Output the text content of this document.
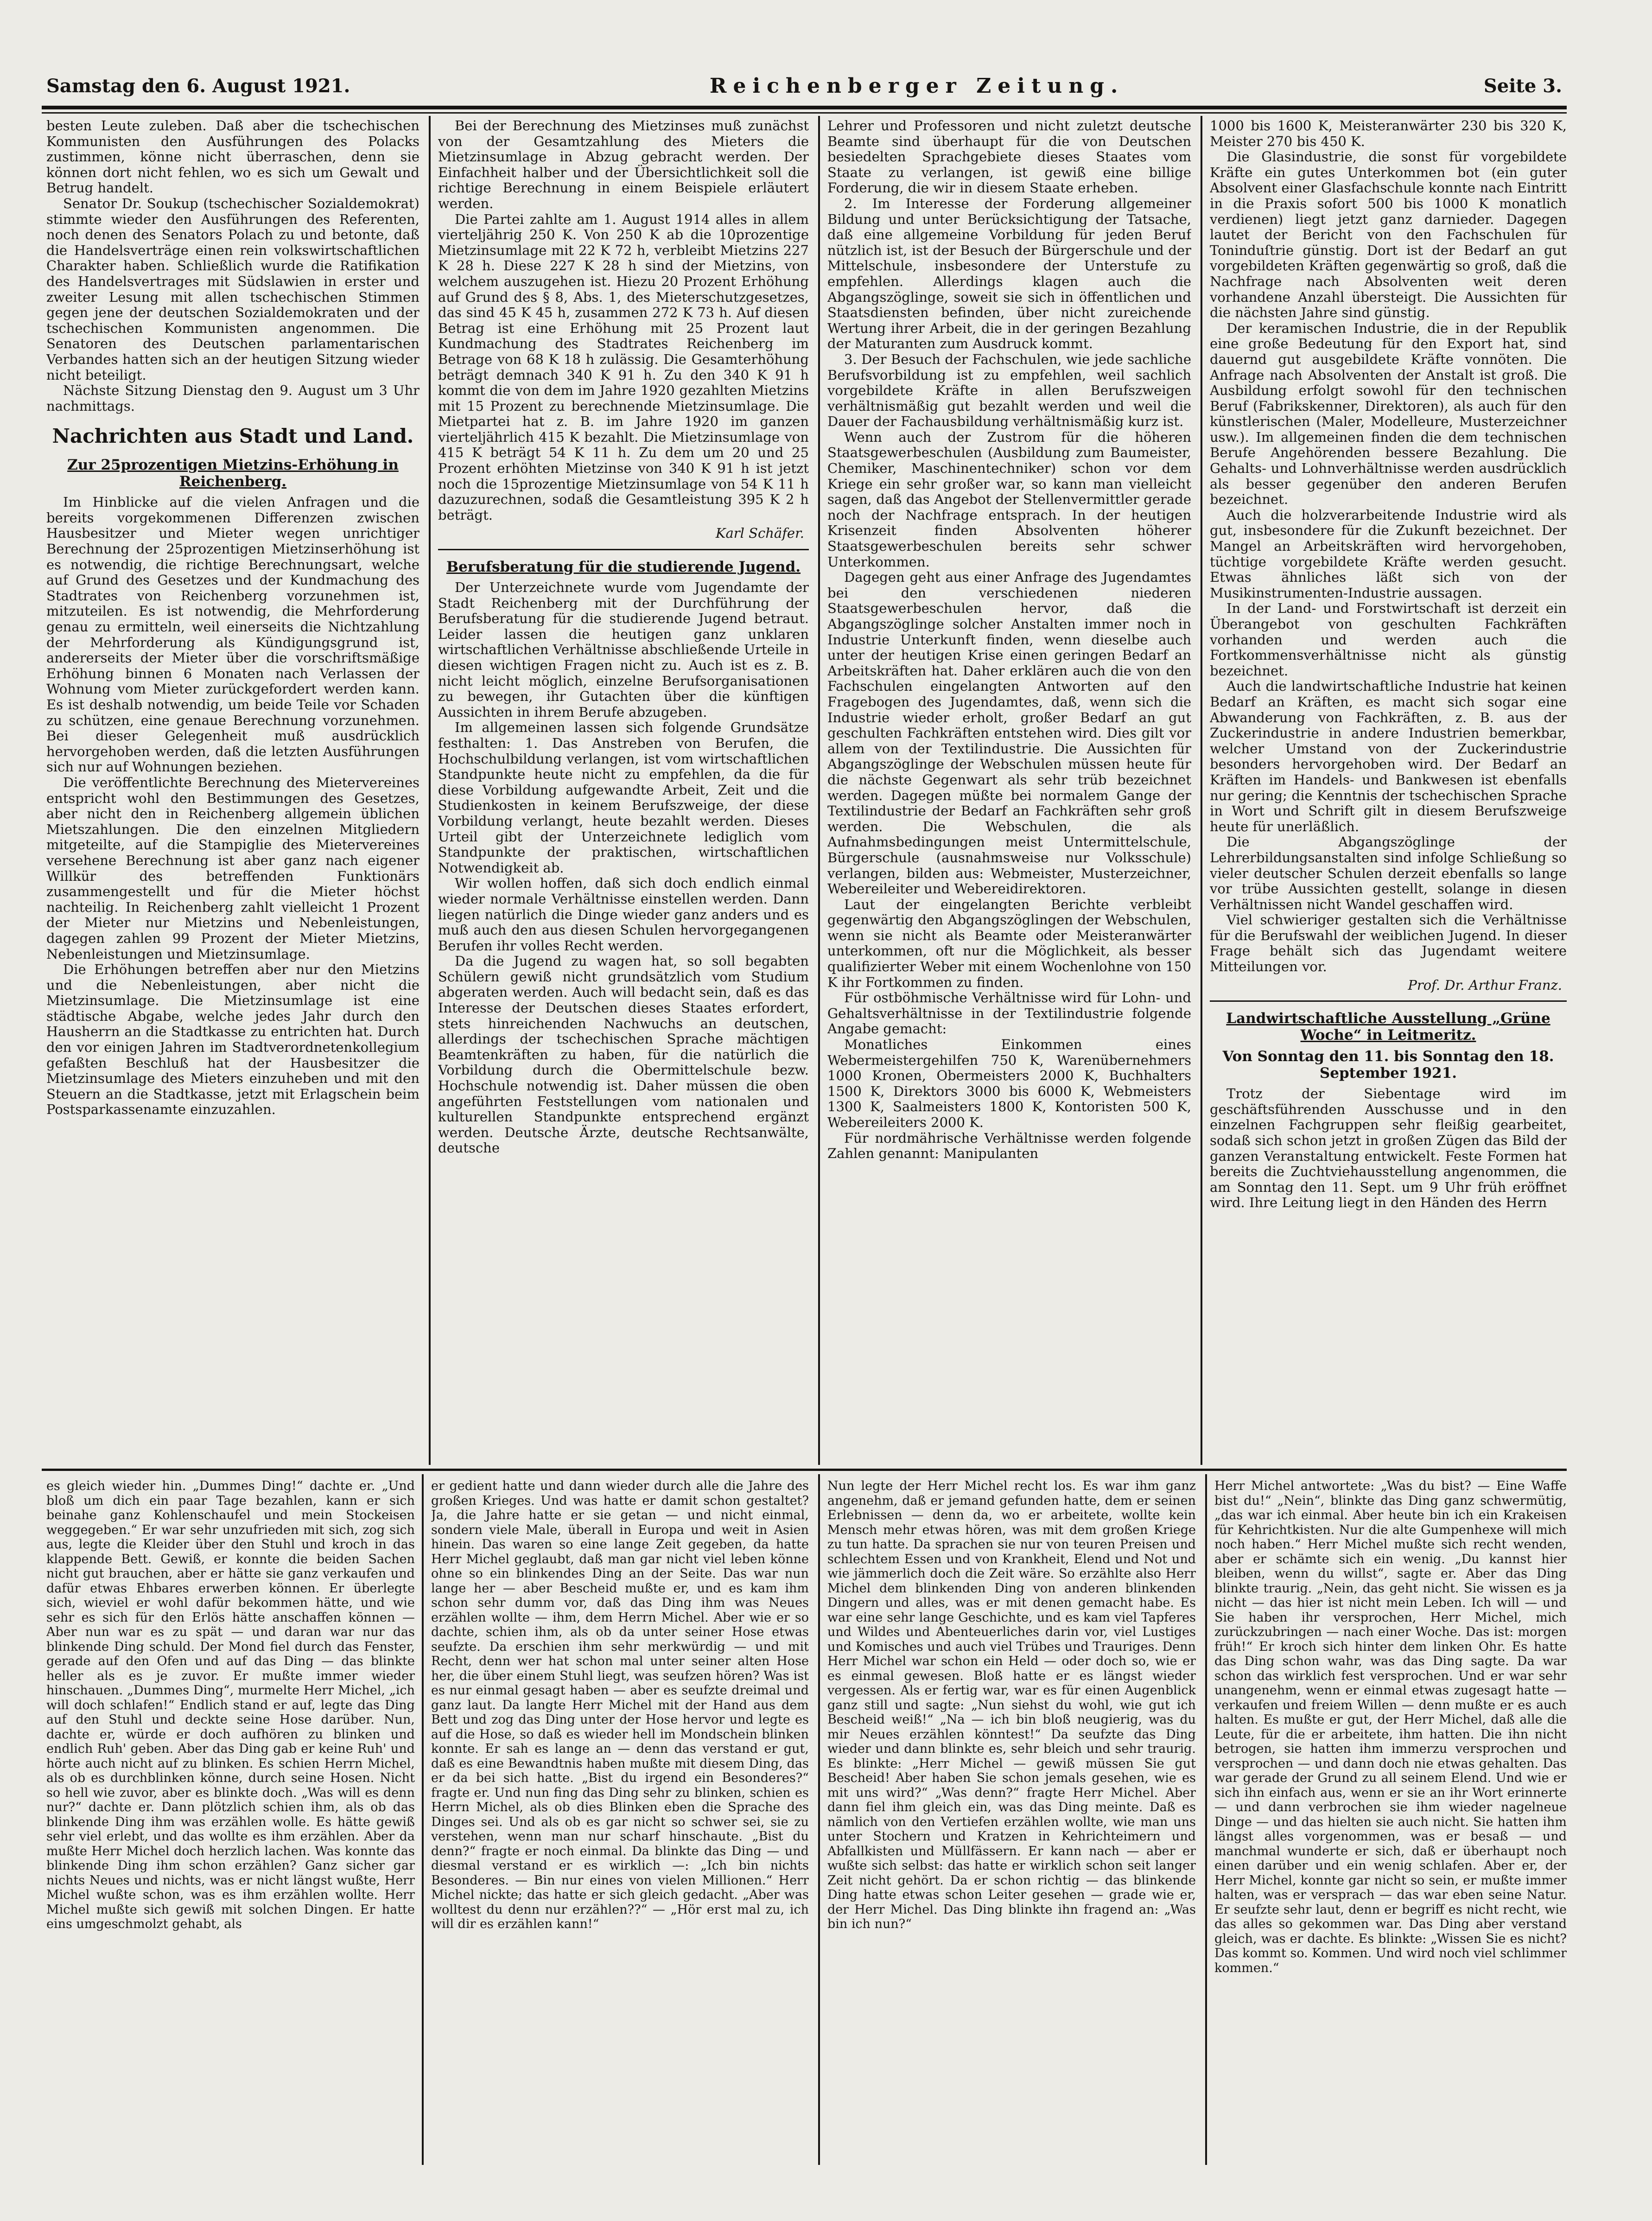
Samstag den 6. August 1921.	Reichenberger Zeitung.	Seite 3.

besten Leute zuleben. Daß aber die tschechischen Kommunisten den Ausführungen des Polacks zustimmen, könne nicht überraschen, denn sie können dort nicht fehlen, wo es sich um Gewalt und Betrug handelt.

Senator Dr. Soukup (tschechischer Sozialdemokrat) stimmte wieder den Ausführungen des Referenten, noch denen des Senators Polach zu und betonte, daß die Handelsverträge einen rein volkswirtschaftlichen Charakter haben. Schließlich wurde die Ratifikation des Handelsvertrages mit Südslawien in erster und zweiter Lesung mit allen tschechischen Stimmen gegen jene der deutschen Sozialdemokraten und der tschechischen Kommunisten angenommen. Die Senatoren des Deutschen parlamentarischen Verbandes hatten sich an der heutigen Sitzung wieder nicht beteiligt.

Nächste Sitzung Dienstag den 9. August um 3 Uhr nachmittags.

Nachrichten aus Stadt und Land.
Zur 25prozentigen Mietzins-Erhöhung in Reichenberg.

Im Hinblicke auf die vielen Anfragen und die bereits vorgekommenen Differenzen zwischen Hausbesitzer und Mieter wegen unrichtiger Berechnung der 25prozentigen Mietzinserhöhung ist es notwendig, die richtige Berechnungsart, welche auf Grund des Gesetzes und der Kundmachung des Stadtrates von Reichenberg vorzunehmen ist, mitzuteilen. Es ist notwendig, die Mehrforderung genau zu ermitteln, weil einerseits die Nichtzahlung der Mehrforderung als Kündigungsgrund ist, andererseits der Mieter über die vorschriftsmäßige Erhöhung binnen 6 Monaten nach Verlassen der Wohnung vom Mieter zurückgefordert werden kann. Es ist deshalb notwendig, um beide Teile vor Schaden zu schützen, eine genaue Berechnung vorzunehmen. Bei dieser Gelegenheit muß ausdrücklich hervorgehoben werden, daß die letzten Ausführungen sich nur auf Wohnungen beziehen.

Die veröffentlichte Berechnung des Mietervereines entspricht wohl den Bestimmungen des Gesetzes, aber nicht den in Reichenberg allgemein üblichen Mietszahlungen. Die den einzelnen Mitgliedern mitgeteilte, auf die Stampiglie des Mietervereines versehene Berechnung ist aber ganz nach eigener Willkür des betreffenden Funktionärs zusammengestellt und für die Mieter höchst nachteilig. In Reichenberg zahlt vielleicht 1 Prozent der Mieter nur Mietzins und Nebenleistungen, dagegen zahlen 99 Prozent der Mieter Mietzins, Nebenleistungen und Mietzinsumlage.

Die Erhöhungen betreffen aber nur den Mietzins und die Nebenleistungen, aber nicht die Mietzinsumlage. Die Mietzinsumlage ist eine städtische Abgabe, welche jedes Jahr durch den Hausherrn an die Stadtkasse zu entrichten hat. Durch den vor einigen Jahren im Stadtverordnetenkollegium gefaßten Beschluß hat der Hausbesitzer die Mietzinsumlage des Mieters einzuheben und mit den Steuern an die Stadtkasse, jetzt mit Erlagschein beim Postsparkassenamte einzuzahlen.

Bei der Berechnung des Mietzinses muß zunächst von der Gesamtzahlung des Mieters die Mietzinsumlage in Abzug gebracht werden. Der Einfachheit halber und der Übersichtlichkeit soll die richtige Berechnung in einem Beispiele erläutert werden.

Die Partei zahlte am 1. August 1914 alles in allem vierteljährig 250 K. Von 250 K ab die 10prozentige Mietzinsumlage mit 22 K 72 h, verbleibt Mietzins 227 K 28 h. Diese 227 K 28 h sind der Mietzins, von welchem auszugehen ist. Hiezu 20 Prozent Erhöhung auf Grund des § 8, Abs. 1, des Mieterschutzgesetzes, das sind 45 K 45 h, zusammen 272 K 73 h. Auf diesen Betrag ist eine Erhöhung mit 25 Prozent laut Kundmachung des Stadtrates Reichenberg im Betrage von 68 K 18 h zulässig. Die Gesamterhöhung beträgt demnach 340 K 91 h. Zu den 340 K 91 h kommt die von dem im Jahre 1920 gezahlten Mietzins mit 15 Prozent zu berechnende Mietzinsumlage. Die Mietpartei hat z. B. im Jahre 1920 im ganzen vierteljährlich 415 K bezahlt. Die Mietzinsumlage von 415 K beträgt 54 K 11 h. Zu dem um 20 und 25 Prozent erhöhten Mietzinse von 340 K 91 h ist jetzt noch die 15prozentige Mietzinsumlage von 54 K 11 h dazuzurechnen, sodaß die Gesamtleistung 395 K 2 h beträgt.

Karl Schäfer.

Berufsberatung für die studierende Jugend.

Der Unterzeichnete wurde vom Jugendamte der Stadt Reichenberg mit der Durchführung der Berufsberatung für die studierende Jugend betraut. Leider lassen die heutigen ganz unklaren wirtschaftlichen Verhältnisse abschließende Urteile in diesen wichtigen Fragen nicht zu. Auch ist es z. B. nicht leicht möglich, einzelne Berufsorganisationen zu bewegen, ihr Gutachten über die künftigen Aussichten in ihrem Berufe abzugeben.

Im allgemeinen lassen sich folgende Grundsätze festhalten: 1. Das Anstreben von Berufen, die Hochschulbildung verlangen, ist vom wirtschaftlichen Standpunkte heute nicht zu empfehlen, da die für diese Vorbildung aufgewandte Arbeit, Zeit und die Studienkosten in keinem Berufszweige, der diese Vorbildung verlangt, heute bezahlt werden. Dieses Urteil gibt der Unterzeichnete lediglich vom Standpunkte der praktischen, wirtschaftlichen Notwendigkeit ab.

Wir wollen hoffen, daß sich doch endlich einmal wieder normale Verhältnisse einstellen werden. Dann liegen natürlich die Dinge wieder ganz anders und es muß auch den aus diesen Schulen hervorgegangenen Berufen ihr volles Recht werden.

Da die Jugend zu wagen hat, so soll begabten Schülern gewiß nicht grundsätzlich vom Studium abgeraten werden. Auch will bedacht sein, daß es das Interesse der Deutschen dieses Staates erfordert, stets hinreichenden Nachwuchs an deutschen, allerdings der tschechischen Sprache mächtigen Beamtenkräften zu haben, für die natürlich die Vorbildung durch die Obermittelschule bezw. Hochschule notwendig ist. Daher müssen die oben angeführten Feststellungen vom nationalen und kulturellen Standpunkte entsprechend ergänzt werden. Deutsche Ärzte, deutsche Rechtsanwälte, deutsche

Lehrer und Professoren und nicht zuletzt deutsche Beamte sind überhaupt für die von Deutschen besiedelten Sprachgebiete dieses Staates vom Staate zu verlangen, ist gewiß eine billige Forderung, die wir in diesem Staate erheben.

2. Im Interesse der Forderung allgemeiner Bildung und unter Berücksichtigung der Tatsache, daß eine allgemeine Vorbildung für jeden Beruf nützlich ist, ist der Besuch der Bürgerschule und der Mittelschule, insbesondere der Unterstufe zu empfehlen. Allerdings klagen auch die Abgangszöglinge, soweit sie sich in öffentlichen und Staatsdiensten befinden, über nicht zureichende Wertung ihrer Arbeit, die in der geringen Bezahlung der Maturanten zum Ausdruck kommt.

3. Der Besuch der Fachschulen, wie jede sachliche Berufsvorbildung ist zu empfehlen, weil sachlich vorgebildete Kräfte in allen Berufszweigen verhältnismäßig gut bezahlt werden und weil die Dauer der Fachausbildung verhältnismäßig kurz ist.

Wenn auch der Zustrom für die höheren Staatsgewerbeschulen (Ausbildung zum Baumeister, Chemiker, Maschinentechniker) schon vor dem Kriege ein sehr großer war, so kann man vielleicht sagen, daß das Angebot der Stellenvermittler gerade noch der Nachfrage entsprach. In der heutigen Krisenzeit finden Absolventen höherer Staatsgewerbeschulen bereits sehr schwer Unterkommen.

Dagegen geht aus einer Anfrage des Jugendamtes bei den verschiedenen niederen Staatsgewerbeschulen hervor, daß die Abgangszöglinge solcher Anstalten immer noch in Industrie Unterkunft finden, wenn dieselbe auch unter der heutigen Krise einen geringen Bedarf an Arbeitskräften hat. Daher erklären auch die von den Fachschulen eingelangten Antworten auf den Fragebogen des Jugendamtes, daß, wenn sich die Industrie wieder erholt, großer Bedarf an gut geschulten Fachkräften entstehen wird. Dies gilt vor allem von der Textilindustrie. Die Aussichten für Abgangszöglinge der Webschulen müssen heute für die nächste Gegenwart als sehr trüb bezeichnet werden. Dagegen müßte bei normalem Gange der Textilindustrie der Bedarf an Fachkräften sehr groß werden. Die Webschulen, die als Aufnahmsbedingungen meist Untermittelschule, Bürgerschule (ausnahmsweise nur Volksschule) verlangen, bilden aus: Webmeister, Musterzeichner, Webereileiter und Webereidirektoren.

Laut der eingelangten Berichte verbleibt gegenwärtig den Abgangszöglingen der Webschulen, wenn sie nicht als Beamte oder Meisteranwärter unterkommen, oft nur die Möglichkeit, als besser qualifizierter Weber mit einem Wochenlohne von 150 K ihr Fortkommen zu finden.

Für ostböhmische Verhältnisse wird für Lohn- und Gehaltsverhältnisse in der Textilindustrie folgende Angabe gemacht:

Monatliches Einkommen eines Webermeistergehilfen 750 K, Warenübernehmers 1000 Kronen, Obermeisters 2000 K, Buchhalters 1500 K, Direktors 3000 bis 6000 K, Webmeisters 1300 K, Saalmeisters 1800 K, Kontoristen 500 K, Webereileiters 2000 K.

Für nordmährische Verhältnisse werden folgende Zahlen genannt: Manipulanten

1000 bis 1600 K, Meisteranwärter 230 bis 320 K, Meister 270 bis 450 K.

Die Glasindustrie, die sonst für vorgebildete Kräfte ein gutes Unterkommen bot (ein guter Absolvent einer Glasfachschule konnte nach Eintritt in die Praxis sofort 500 bis 1000 K monatlich verdienen) liegt jetzt ganz darnieder. Dagegen lautet der Bericht von den Fachschulen für Toninduſtrie günstig. Dort ist der Bedarf an gut vorgebildeten Kräften gegenwärtig so groß, daß die Nachfrage nach Absolventen weit deren vorhandene Anzahl übersteigt. Die Aussichten für die nächsten Jahre sind günstig.

Der keramischen Industrie, die in der Republik eine große Bedeutung für den Export hat, sind dauernd gut ausgebildete Kräfte vonnöten. Die Anfrage nach Absolventen der Anstalt ist groß. Die Ausbildung erfolgt sowohl für den technischen Beruf (Fabrikskenner, Direktoren), als auch für den künstlerischen (Maler, Modelleure, Musterzeichner usw.). Im allgemeinen finden die dem technischen Berufe Angehörenden bessere Bezahlung. Die Gehalts- und Lohnverhältnisse werden ausdrücklich als besser gegenüber den anderen Berufen bezeichnet.

Auch die holzverarbeitende Industrie wird als gut, insbesondere für die Zukunft bezeichnet. Der Mangel an Arbeitskräften wird hervorgehoben, tüchtige vorgebildete Kräfte werden gesucht. Etwas ähnliches läßt sich von der Musikinstrumenten-Industrie aussagen.

In der Land- und Forstwirtschaft ist derzeit ein Überangebot von geschulten Fachkräften vorhanden und werden auch die Fortkommensverhältnisse nicht als günstig bezeichnet.

Auch die landwirtschaftliche Industrie hat keinen Bedarf an Kräften, es macht sich sogar eine Abwanderung von Fachkräften, z. B. aus der Zuckerindustrie in andere Industrien bemerkbar, welcher Umstand von der Zuckerindustrie besonders hervorgehoben wird. Der Bedarf an Kräften im Handels- und Bankwesen ist ebenfalls nur gering; die Kenntnis der tschechischen Sprache in Wort und Schrift gilt in diesem Berufszweige heute für unerläßlich.

Die Abgangszöglinge der Lehrerbildungsanstalten sind infolge Schließung so vieler deutscher Schulen derzeit ebenfalls so lange vor trübe Aussichten gestellt, solange in diesen Verhältnissen nicht Wandel geschaffen wird.

Viel schwieriger gestalten sich die Verhältnisse für die Berufswahl der weiblichen Jugend. In dieser Frage behält sich das Jugendamt weitere Mitteilungen vor.

Prof. Dr. Arthur Franz.

Landwirtschaftliche Ausstellung „Grüne Woche“ in Leitmeritz.
Von Sonntag den 11. bis Sonntag den 18. September 1921.

Trotz der Siebentage wird im geschäftsführenden Ausschusse und in den einzelnen Fachgruppen sehr fleißig gearbeitet, sodaß sich schon jetzt in großen Zügen das Bild der ganzen Veranstaltung entwickelt. Feste Formen hat bereits die Zuchtviehausstellung angenommen, die am Sonntag den 11. Sept. um 9 Uhr früh eröffnet wird. Ihre Leitung liegt in den Händen des Herrn

es gleich wieder hin. „Dummes Ding!“ dachte er. „Und bloß um dich ein paar Tage bezahlen, kann er sich beinahe ganz Kohlenschaufel und mein Stockeisen weggegeben.“ Er war sehr unzufrieden mit sich, zog sich aus, legte die Kleider über den Stuhl und kroch in das klappende Bett. Gewiß, er konnte die beiden Sachen nicht gut brauchen, aber er hätte sie ganz verkaufen und dafür etwas Ehbares erwerben können. Er überlegte sich, wieviel er wohl dafür bekommen hätte, und wie sehr es sich für den Erlös hätte anschaffen können — Aber nun war es zu spät — und daran war nur das blinkende Ding schuld. Der Mond fiel durch das Fenster, gerade auf den Ofen und auf das Ding — das blinkte heller als es je zuvor. Er mußte immer wieder hinschauen. „Dummes Ding“, murmelte Herr Michel, „ich will doch schlafen!“ Endlich stand er auf, legte das Ding auf den Stuhl und deckte seine Hose darüber. Nun, dachte er, würde er doch aufhören zu blinken und endlich Ruh' geben. Aber das Ding gab er keine Ruh' und hörte auch nicht auf zu blinken. Es schien Herrn Michel, als ob es durchblinken könne, durch seine Hosen. Nicht so hell wie zuvor, aber es blinkte doch. „Was will es denn nur?“ dachte er. Dann plötzlich schien ihm, als ob das blinkende Ding ihm was erzählen wolle. Es hätte gewiß sehr viel erlebt, und das wollte es ihm erzählen. Aber da mußte Herr Michel doch herzlich lachen. Was konnte das blinkende Ding ihm schon erzählen? Ganz sicher gar nichts Neues und nichts, was er nicht längst wußte, Herr Michel wußte schon, was es ihm erzählen wollte. Herr Michel mußte sich gewiß mit solchen Dingen. Er hatte eins umgeschmolzt gehabt, als

er gedient hatte und dann wieder durch alle die Jahre des großen Krieges. Und was hatte er damit schon gestaltet? Ja, die Jahre hatte er sie getan — und nicht einmal, sondern viele Male, überall in Europa und weit in Asien hinein. Das waren so eine lange Zeit gegeben, da hatte Herr Michel geglaubt, daß man gar nicht viel leben könne ohne so ein blinkendes Ding an der Seite. Das war nun lange her — aber Bescheid mußte er, und es kam ihm schon sehr dumm vor, daß das Ding ihm was Neues erzählen wollte — ihm, dem Herrn Michel. Aber wie er so dachte, schien ihm, als ob da unter seiner Hose etwas seufzte. Da erschien ihm sehr merkwürdig — und mit Recht, denn wer hat schon mal unter seiner alten Hose her, die über einem Stuhl liegt, was seufzen hören? Was ist es nur einmal gesagt haben — aber es seufzte dreimal und ganz laut. Da langte Herr Michel mit der Hand aus dem Bett und zog das Ding unter der Hose hervor und legte es auf die Hose, so daß es wieder hell im Mondschein blinken konnte. Er sah es lange an — denn das verstand er gut, daß es eine Bewandtnis haben mußte mit diesem Ding, das er da bei sich hatte. „Bist du irgend ein Besonderes?“ fragte er. Und nun fing das Ding sehr zu blinken, schien es Herrn Michel, als ob dies Blinken eben die Sprache des Dinges sei. Und als ob es gar nicht so schwer sei, sie zu verstehen, wenn man nur scharf hinschaute. „Bist du denn?“ fragte er noch einmal. Da blinkte das Ding — und diesmal verstand er es wirklich —: „Ich bin nichts Besonderes. — Bin nur eines von vielen Millionen.“ Herr Michel nickte; das hatte er sich gleich gedacht. „Aber was wolltest du denn nur erzählen??“ — „Hör erst mal zu, ich will dir es erzählen kann!“

Nun legte der Herr Michel recht los. Es war ihm ganz angenehm, daß er jemand gefunden hatte, dem er seinen Erlebnissen — denn da, wo er arbeitete, wollte kein Mensch mehr etwas hören, was mit dem großen Kriege zu tun hatte. Da sprachen sie nur von teuren Preisen und schlechtem Essen und von Krankheit, Elend und Not und wie jämmerlich doch die Zeit wäre. So erzählte also Herr Michel dem blinkenden Ding von anderen blinkenden Dingern und alles, was er mit denen gemacht habe. Es war eine sehr lange Geschichte, und es kam viel Tapferes und Wildes und Abenteuerliches darin vor, viel Lustiges und Komisches und auch viel Trübes und Trauriges. Denn Herr Michel war schon ein Held — oder doch so, wie er es einmal gewesen. Bloß hatte er es längst wieder vergessen. Als er fertig war, war es für einen Augenblick ganz still und sagte: „Nun siehst du wohl, wie gut ich Bescheid weiß!“ „Na — ich bin bloß neugierig, was du mir Neues erzählen könntest!“ Da seufzte das Ding wieder und dann blinkte es, sehr bleich und sehr traurig. Es blinkte: „Herr Michel — gewiß müssen Sie gut Bescheid! Aber haben Sie schon jemals gesehen, wie es mit uns wird?“ „Was denn?“ fragte Herr Michel. Aber dann fiel ihm gleich ein, was das Ding meinte. Daß es nämlich von den Vertiefen erzählen wollte, wie man uns unter Stochern und Kratzen in Kehrichteimern und Abfallkisten und Müllfässern. Er kann nach — aber er wußte sich selbst: das hatte er wirklich schon seit langer Zeit nicht gehört. Da er schon richtig — das blinkende Ding hatte etwas schon Leiter gesehen — grade wie er, der Herr Michel. Das Ding blinkte ihn fragend an: „Was bin ich nun?“

Herr Michel antwortete: „Was du bist? — Eine Waffe bist du!“ „Nein“, blinkte das Ding ganz schwermütig, „das war ich einmal. Aber heute bin ich ein Krakeisen für Kehrichtkisten. Nur die alte Gumpenhexe will mich noch haben.“ Herr Michel mußte sich recht wenden, aber er schämte sich ein wenig. „Du kannst hier bleiben, wenn du willst“, sagte er. Aber das Ding blinkte traurig. „Nein, das geht nicht. Sie wissen es ja nicht — das hier ist nicht mein Leben. Ich will — und Sie haben ihr versprochen, Herr Michel, mich zurückzubringen — nach einer Woche. Das ist: morgen früh!“ Er kroch sich hinter dem linken Ohr. Es hatte das Ding schon wahr, was das Ding sagte. Da war schon das wirklich fest versprochen. Und er war sehr unangenehm, wenn er einmal etwas zugesagt hatte — verkaufen und freiem Willen — denn mußte er es auch halten. Es mußte er gut, der Herr Michel, daß alle die Leute, für die er arbeitete, ihm hatten. Die ihn nicht betrogen, sie hatten ihm immerzu versprochen und versprochen — und dann doch nie etwas gehalten. Das war gerade der Grund zu all seinem Elend. Und wie er sich ihn einfach aus, wenn er sie an ihr Wort erinnerte — und dann verbrochen sie ihm wieder nagelneue Dinge — und das hielten sie auch nicht. Sie hatten ihm längst alles vorgenommen, was er besaß — und manchmal wunderte er sich, daß er überhaupt noch einen darüber und ein wenig schlafen. Aber er, der Herr Michel, konnte gar nicht so sein, er mußte immer halten, was er versprach — das war eben seine Natur. Er seufzte sehr laut, denn er begriff es nicht recht, wie das alles so gekommen war. Das Ding aber verstand gleich, was er dachte. Es blinkte: „Wissen Sie es nicht? Das kommt so. Kommen. Und wird noch viel schlimmer kommen.“
